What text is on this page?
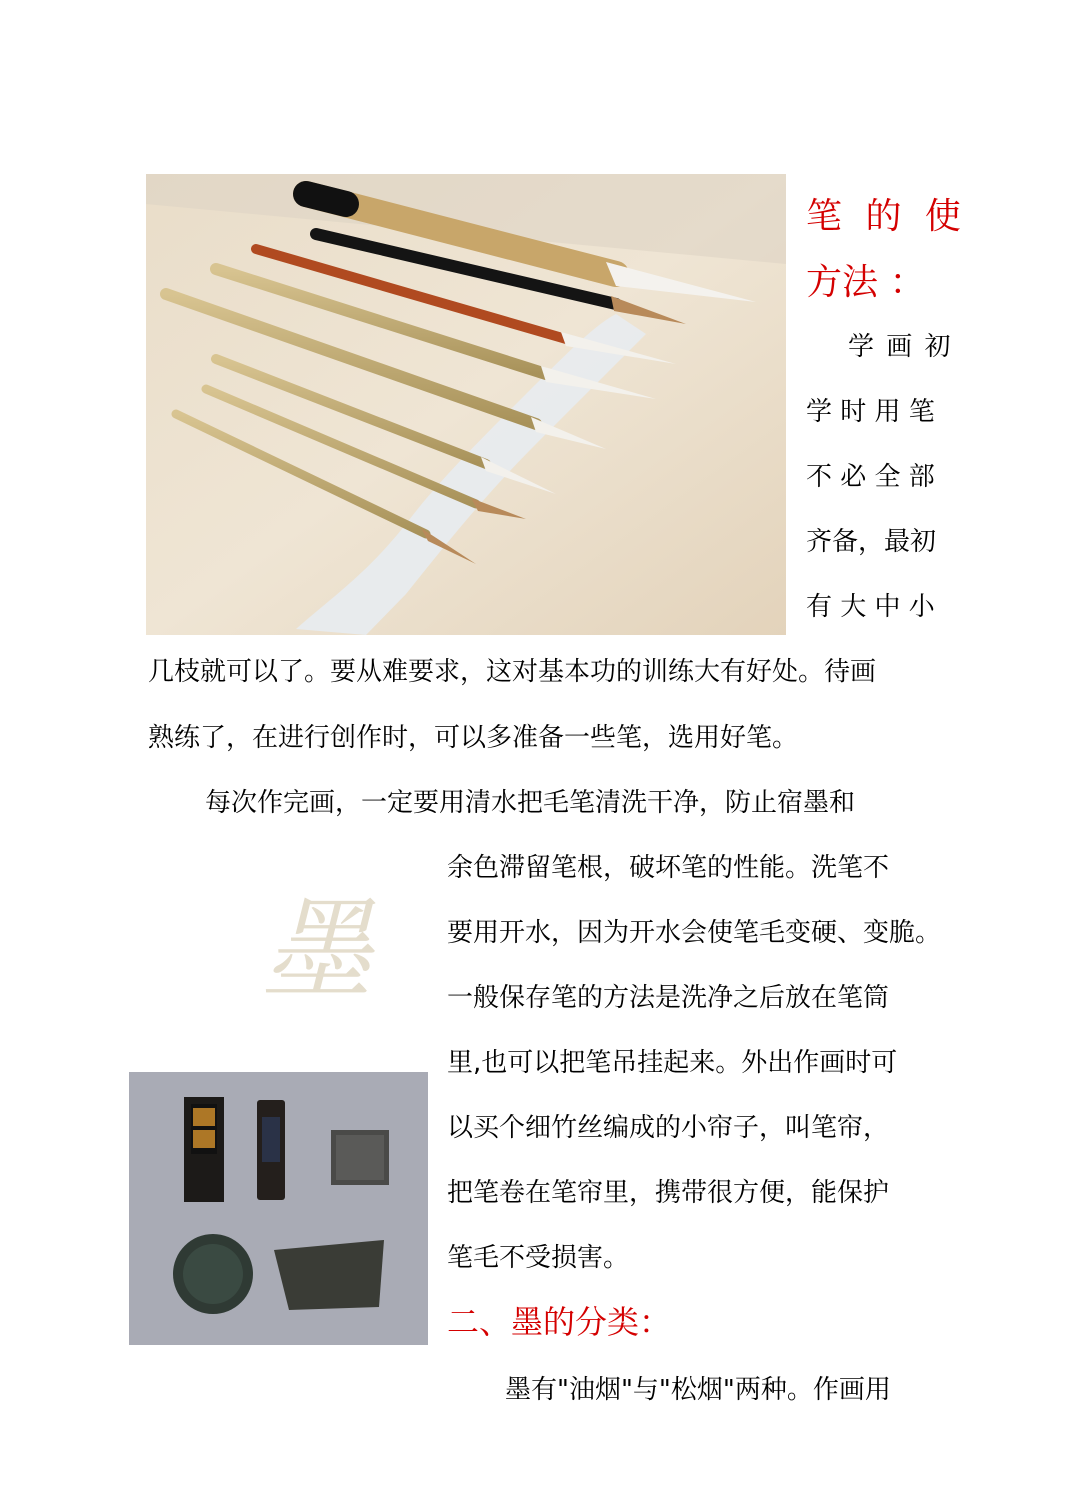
笔 的 使
方法 ：
学 画 初
学 时 用 笔
不 必 全 部
齐备，最初
有 大 中 小
几枝就可以了。要从难要求，这对基本功的训练大有好处。待画
熟练了，在进行创作时，可以多准备一些笔，选用好笔。
每次作完画，一定要用清水把毛笔清洗干净，防止宿墨和
墨
余色滞留笔根，破坏笔的性能。洗笔不
要用开水，因为开水会使笔毛变硬、变脆。
一般保存笔的方法是洗净之后放在笔筒
里,也可以把笔吊挂起来。外出作画时可
以买个细竹丝编成的小帘子，叫笔帘，
把笔卷在笔帘里，携带很方便，能保护
笔毛不受损害。
二、墨的分类：
墨有"油烟"与"松烟"两种。作画用
